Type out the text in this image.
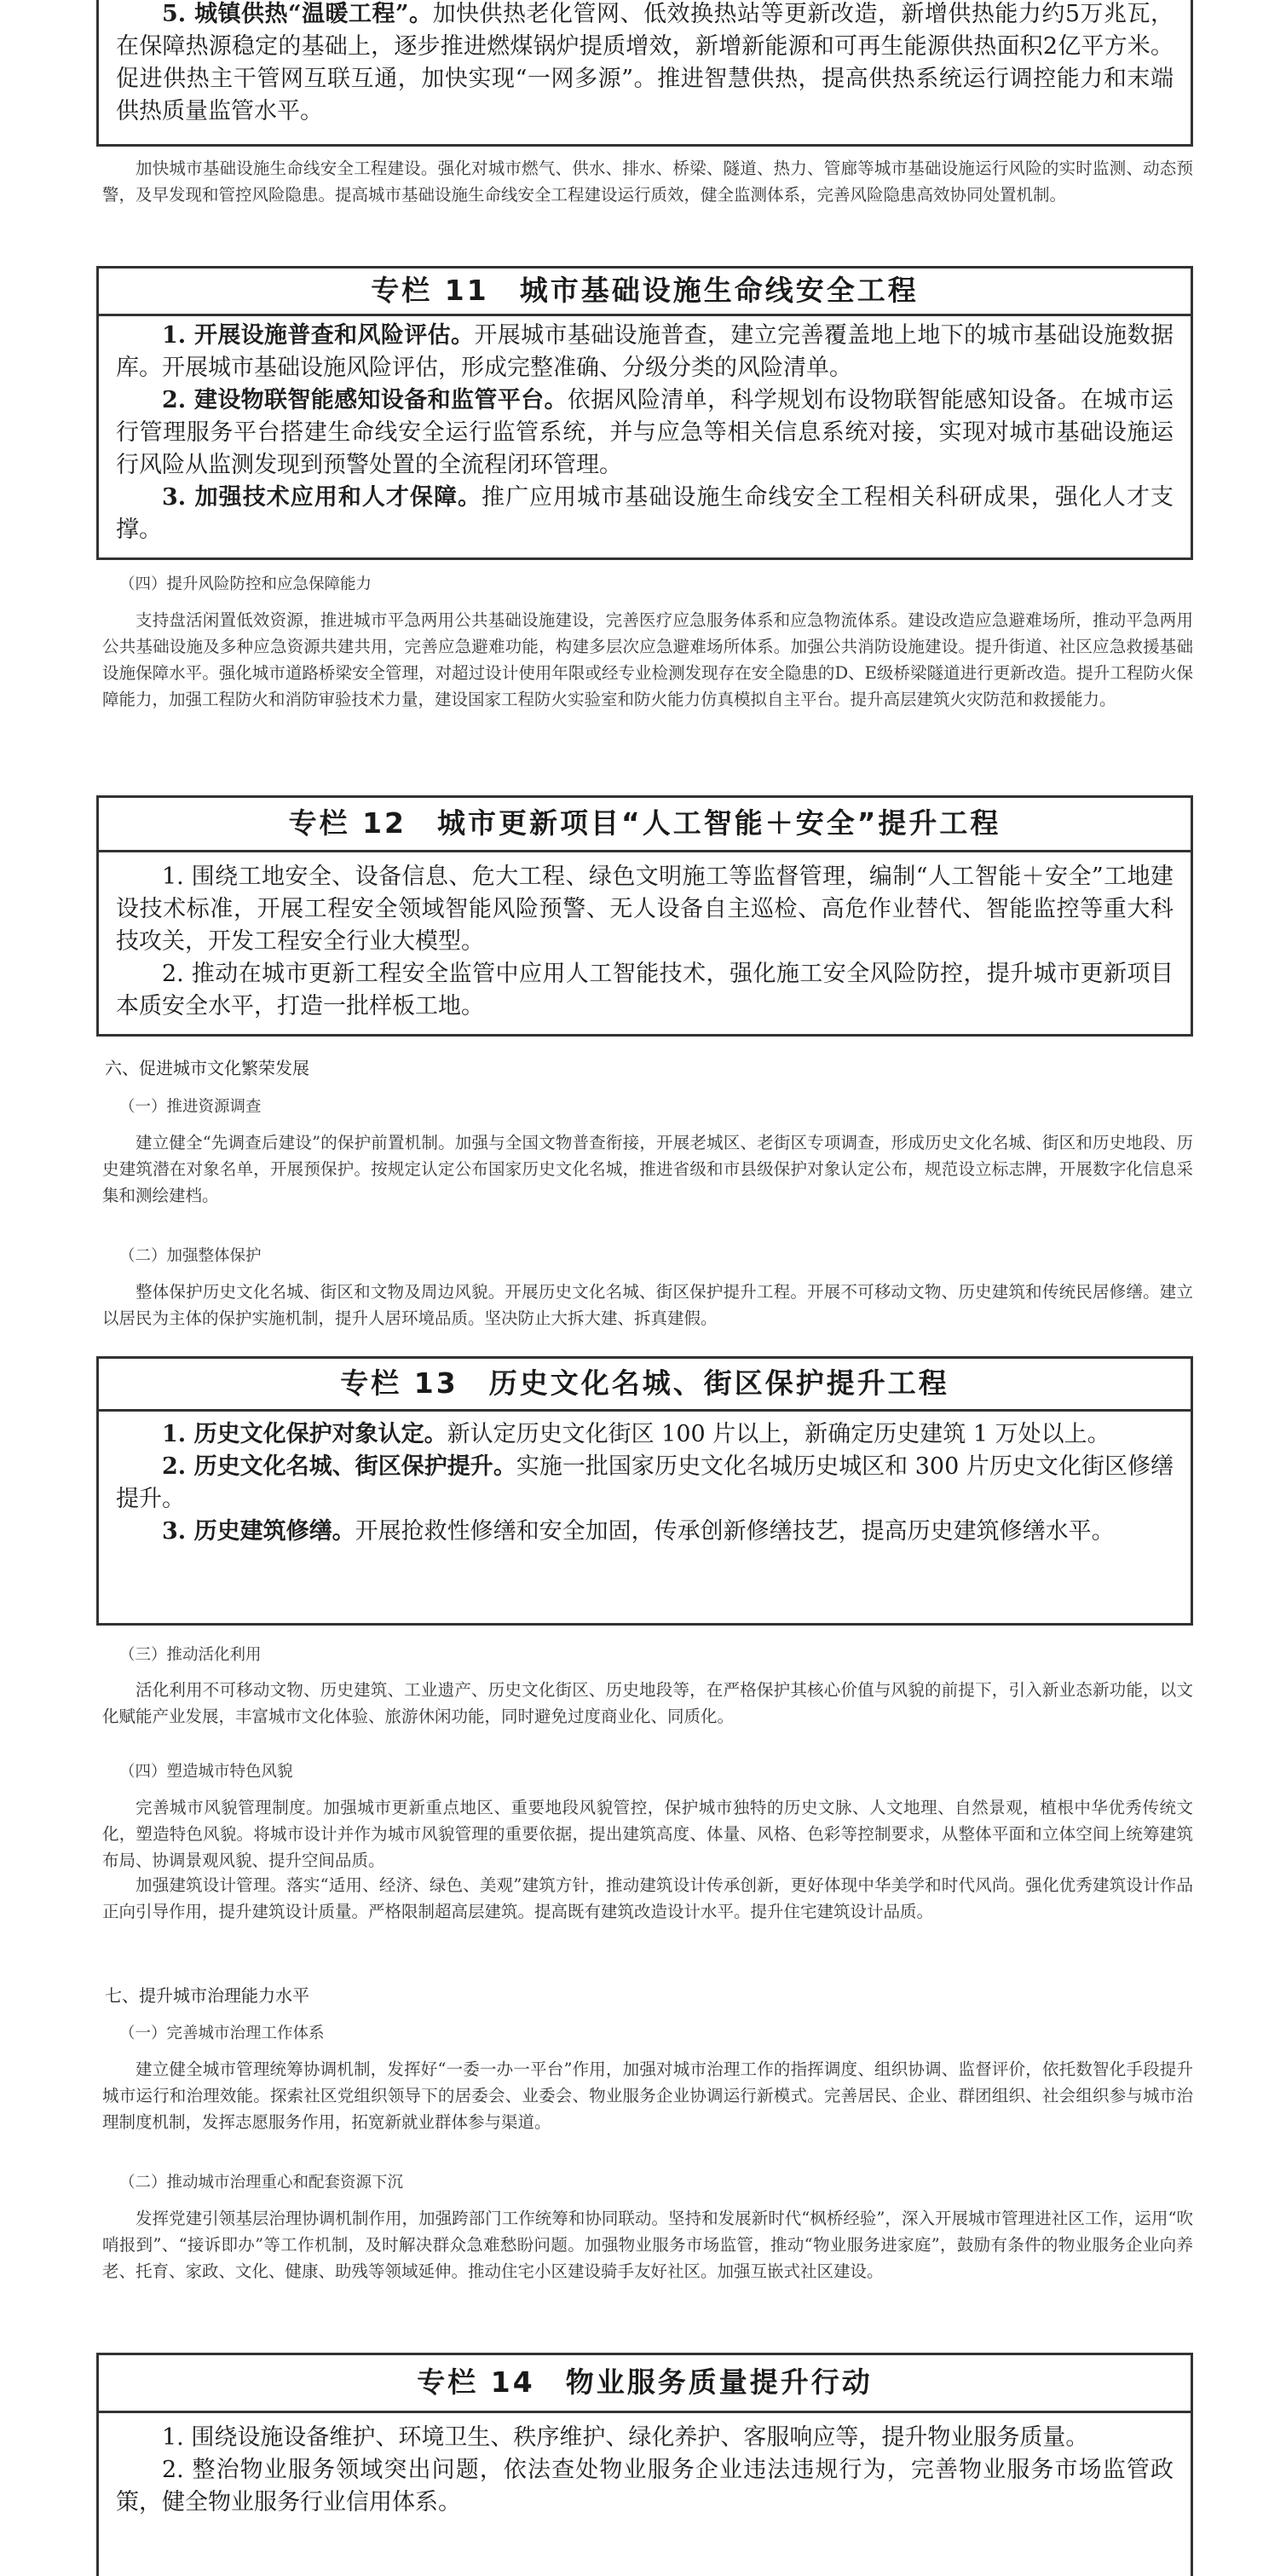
5. 城镇供热“温暖工程”。加快供热老化管网、低效换热站等更新改造，新增供热能力约5万兆瓦，在保障热源稳定的基础上，逐步推进燃煤锅炉提质增效，新增新能源和可再生能源供热面积2亿平方米。促进供热主干管网互联互通，加快实现“一网多源”。推进智慧供热，提高供热系统运行调控能力和末端供热质量监管水平。

加快城市基础设施生命线安全工程建设。强化对城市燃气、供水、排水、桥梁、隧道、热力、管廊等城市基础设施运行风险的实时监测、动态预警，及早发现和管控风险隐患。提高城市基础设施生命线安全工程建设运行质效，健全监测体系，完善风险隐患高效协同处置机制。

专栏 11　城市基础设施生命线安全工程

1. 开展设施普查和风险评估。开展城市基础设施普查，建立完善覆盖地上地下的城市基础设施数据库。开展城市基础设施风险评估，形成完整准确、分级分类的风险清单。

2. 建设物联智能感知设备和监管平台。依据风险清单，科学规划布设物联智能感知设备。在城市运行管理服务平台搭建生命线安全运行监管系统，并与应急等相关信息系统对接，实现对城市基础设施运行风险从监测发现到预警处置的全流程闭环管理。

3. 加强技术应用和人才保障。推广应用城市基础设施生命线安全工程相关科研成果，强化人才支撑。

（四）提升风险防控和应急保障能力

支持盘活闲置低效资源，推进城市平急两用公共基础设施建设，完善医疗应急服务体系和应急物流体系。建设改造应急避难场所，推动平急两用公共基础设施及多种应急资源共建共用，完善应急避难功能，构建多层次应急避难场所体系。加强公共消防设施建设。提升街道、社区应急救援基础设施保障水平。强化城市道路桥梁安全管理，对超过设计使用年限或经专业检测发现存在安全隐患的D、E级桥梁隧道进行更新改造。提升工程防火保障能力，加强工程防火和消防审验技术力量，建设国家工程防火实验室和防火能力仿真模拟自主平台。提升高层建筑火灾防范和救援能力。

专栏 12　城市更新项目“人工智能＋安全”提升工程

1. 围绕工地安全、设备信息、危大工程、绿色文明施工等监督管理，编制“人工智能＋安全”工地建设技术标准，开展工程安全领域智能风险预警、无人设备自主巡检、高危作业替代、智能监控等重大科技攻关，开发工程安全行业大模型。

2. 推动在城市更新工程安全监管中应用人工智能技术，强化施工安全风险防控，提升城市更新项目本质安全水平，打造一批样板工地。

六、促进城市文化繁荣发展

（一）推进资源调查

建立健全“先调查后建设”的保护前置机制。加强与全国文物普查衔接，开展老城区、老街区专项调查，形成历史文化名城、街区和历史地段、历史建筑潜在对象名单，开展预保护。按规定认定公布国家历史文化名城，推进省级和市县级保护对象认定公布，规范设立标志牌，开展数字化信息采集和测绘建档。

（二）加强整体保护

整体保护历史文化名城、街区和文物及周边风貌。开展历史文化名城、街区保护提升工程。开展不可移动文物、历史建筑和传统民居修缮。建立以居民为主体的保护实施机制，提升人居环境品质。坚决防止大拆大建、拆真建假。

专栏 13　历史文化名城、街区保护提升工程

1. 历史文化保护对象认定。新认定历史文化街区 100 片以上，新确定历史建筑 1 万处以上。

2. 历史文化名城、街区保护提升。实施一批国家历史文化名城历史城区和 300 片历史文化街区修缮提升。

3. 历史建筑修缮。开展抢救性修缮和安全加固，传承创新修缮技艺，提高历史建筑修缮水平。

（三）推动活化利用

活化利用不可移动文物、历史建筑、工业遗产、历史文化街区、历史地段等，在严格保护其核心价值与风貌的前提下，引入新业态新功能，以文化赋能产业发展，丰富城市文化体验、旅游休闲功能，同时避免过度商业化、同质化。

（四）塑造城市特色风貌

完善城市风貌管理制度。加强城市更新重点地区、重要地段风貌管控，保护城市独特的历史文脉、人文地理、自然景观，植根中华优秀传统文化，塑造特色风貌。将城市设计并作为城市风貌管理的重要依据，提出建筑高度、体量、风格、色彩等控制要求，从整体平面和立体空间上统筹建筑布局、协调景观风貌、提升空间品质。

加强建筑设计管理。落实“适用、经济、绿色、美观”建筑方针，推动建筑设计传承创新，更好体现中华美学和时代风尚。强化优秀建筑设计作品正向引导作用，提升建筑设计质量。严格限制超高层建筑。提高既有建筑改造设计水平。提升住宅建筑设计品质。

七、提升城市治理能力水平

（一）完善城市治理工作体系

建立健全城市管理统筹协调机制，发挥好“一委一办一平台”作用，加强对城市治理工作的指挥调度、组织协调、监督评价，依托数智化手段提升城市运行和治理效能。探索社区党组织领导下的居委会、业委会、物业服务企业协调运行新模式。完善居民、企业、群团组织、社会组织参与城市治理制度机制，发挥志愿服务作用，拓宽新就业群体参与渠道。

（二）推动城市治理重心和配套资源下沉

发挥党建引领基层治理协调机制作用，加强跨部门工作统筹和协同联动。坚持和发展新时代“枫桥经验”，深入开展城市管理进社区工作，运用“吹哨报到”、“接诉即办”等工作机制，及时解决群众急难愁盼问题。加强物业服务市场监管，推动“物业服务进家庭”，鼓励有条件的物业服务企业向养老、托育、家政、文化、健康、助残等领域延伸。推动住宅小区建设骑手友好社区。加强互嵌式社区建设。

专栏 14　物业服务质量提升行动

1. 围绕设施设备维护、环境卫生、秩序维护、绿化养护、客服响应等，提升物业服务质量。

2. 整治物业服务领域突出问题，依法查处物业服务企业违法违规行为，完善物业服务市场监管政策，健全物业服务行业信用体系。
